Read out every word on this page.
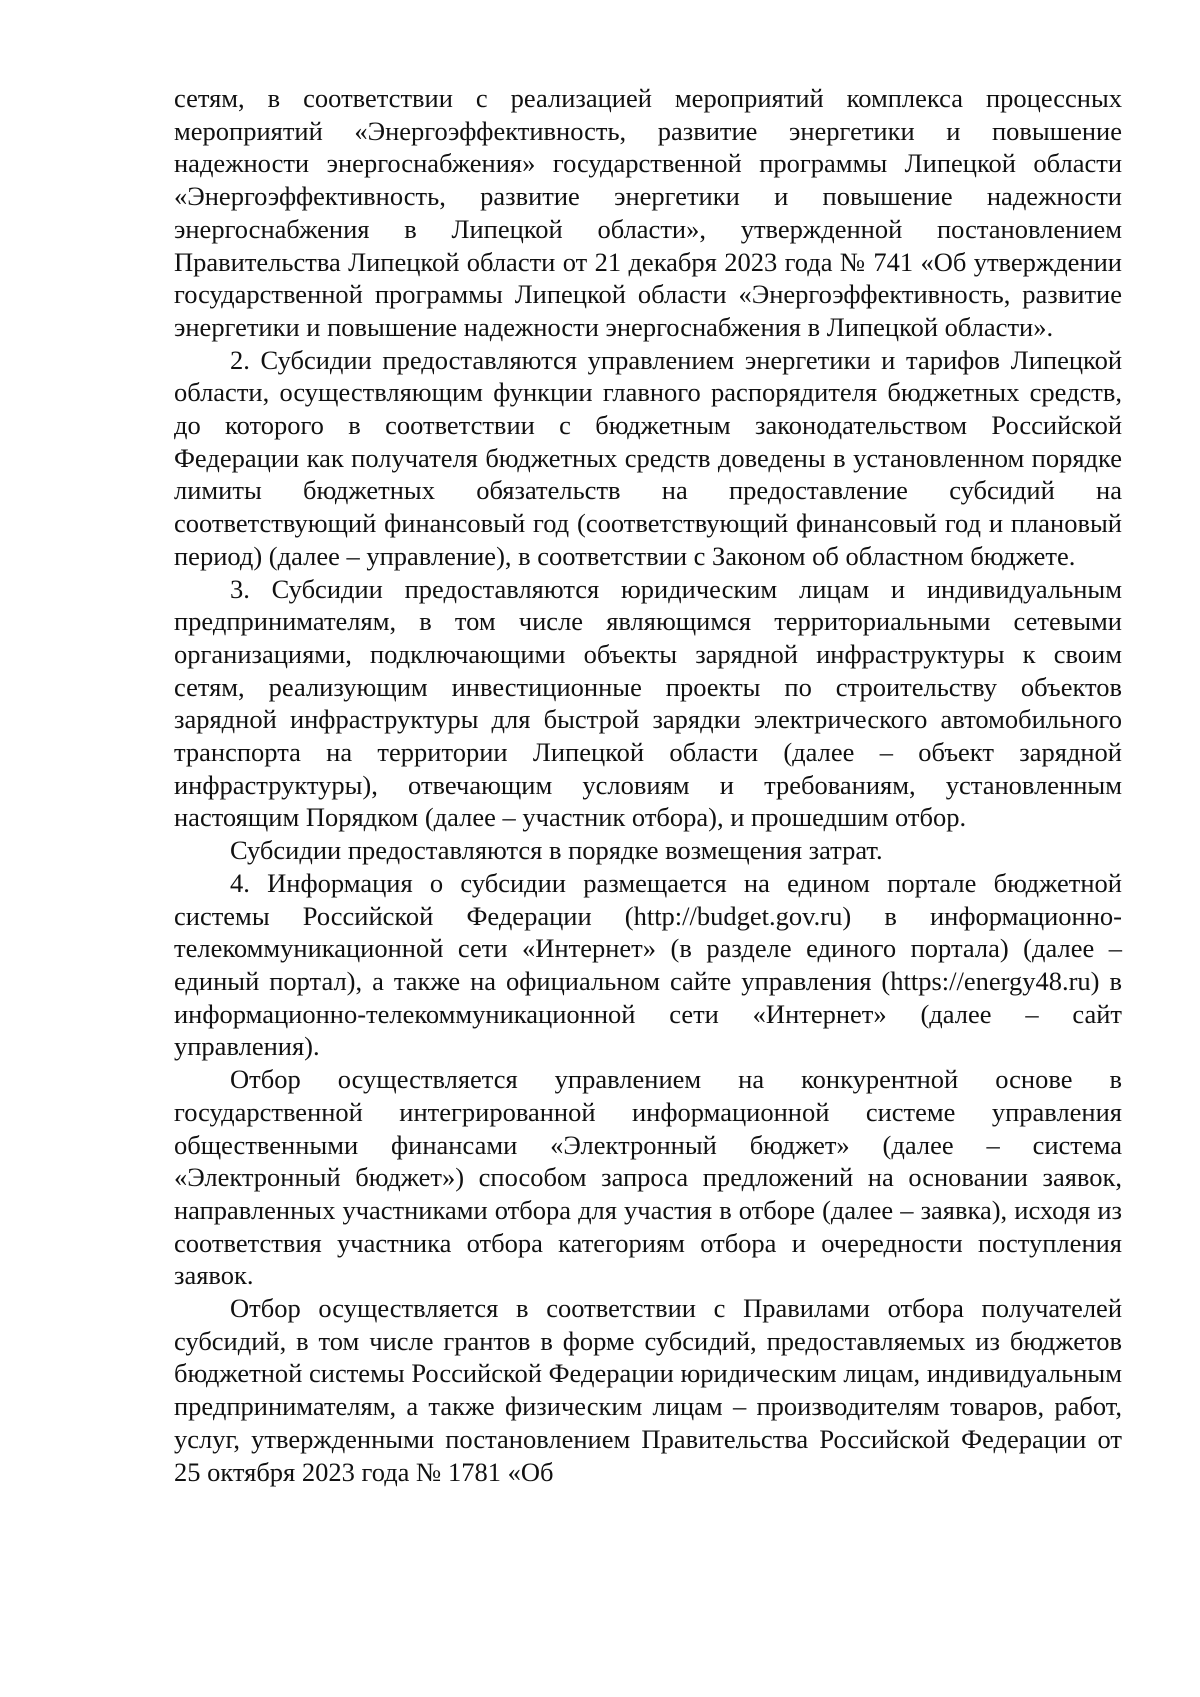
сетям, в соответствии с реализацией мероприятий комплекса процессных мероприятий «Энергоэффективность, развитие энергетики и повышение надежности энергоснабжения» государственной программы Липецкой области «Энергоэффективность, развитие энергетики и повышение надежности энергоснабжения в Липецкой области», утвержденной постановлением Правительства Липецкой области от 21 декабря 2023 года № 741 «Об утверждении государственной программы Липецкой области «Энергоэффективность, развитие энергетики и повышение надежности энергоснабжения в Липецкой области».

2. Субсидии предоставляются управлением энергетики и тарифов Липецкой области, осуществляющим функции главного распорядителя бюджетных средств, до которого в соответствии с бюджетным законодательством Российской Федерации как получателя бюджетных средств доведены в установленном порядке лимиты бюджетных обязательств на предоставление субсидий на соответствующий финансовый год (соответствующий финансовый год и плановый период) (далее – управление), в соответствии с Законом об областном бюджете.

3. Субсидии предоставляются юридическим лицам и индивидуальным предпринимателям, в том числе являющимся территориальными сетевыми организациями, подключающими объекты зарядной инфраструктуры к своим сетям, реализующим инвестиционные проекты по строительству объектов зарядной инфраструктуры для быстрой зарядки электрического автомобильного транспорта на территории Липецкой области (далее – объект зарядной инфраструктуры), отвечающим условиям и требованиям, установленным настоящим Порядком (далее – участник отбора), и прошедшим отбор.

Субсидии предоставляются в порядке возмещения затрат.

4. Информация о субсидии размещается на едином портале бюджетной системы Российской Федерации (http://budget.gov.ru) в информационно-телекоммуникационной сети «Интернет» (в разделе единого портала) (далее – единый портал), а также на официальном сайте управления (https://energy48.ru) в информационно-телекоммуникационной сети «Интернет» (далее – сайт управления).

Отбор осуществляется управлением на конкурентной основе в государственной интегрированной информационной системе управления общественными финансами «Электронный бюджет» (далее – система «Электронный бюджет») способом запроса предложений на основании заявок, направленных участниками отбора для участия в отборе (далее – заявка), исходя из соответствия участника отбора категориям отбора и очередности поступления заявок.

Отбор осуществляется в соответствии с Правилами отбора получателей субсидий, в том числе грантов в форме субсидий, предоставляемых из бюджетов бюджетной системы Российской Федерации юридическим лицам, индивидуальным предпринимателям, а также физическим лицам – производителям товаров, работ, услуг, утвержденными постановлением Правительства Российской Федерации от 25 октября 2023 года № 1781 «Об
